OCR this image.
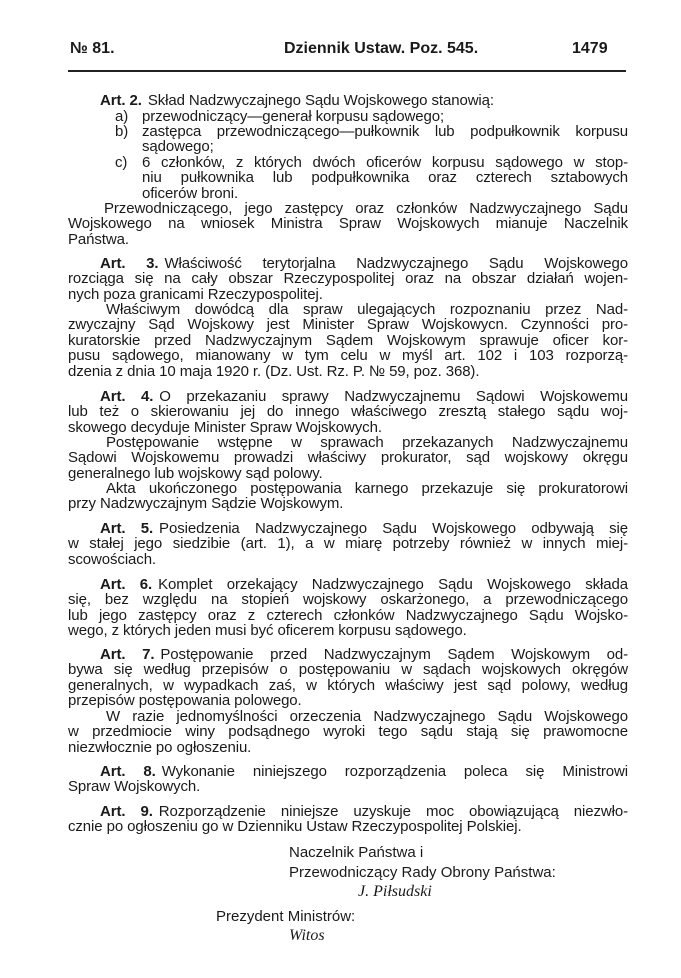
№ 81.	Dziennik Ustaw. Poz. 545.	1479
Art. 2. Skład Nadzwyczajnego Sądu Wojskowego stanowią:
a) przewodniczący—generał korpusu sądowego;
b) zastępca przewodniczącego—pułkownik lub podpułkownik korpusu
sądowego;
c) 6 członków, z których dwóch oficerów korpusu sądowego w stop-
niu pułkownika lub podpułkownika oraz czterech sztabowych
oficerów broni.
Przewodniczącego, jego zastępcy oraz członków Nadzwyczajnego Sądu
Wojskowego na wniosek Ministra Spraw Wojskowych mianuje Naczelnik
Państwa.
Art. 3. Właściwość terytorjalna Nadzwyczajnego Sądu Wojskowego
rozciąga się na cały obszar Rzeczypospolitej oraz na obszar działań wojen-
nych poza granicami Rzeczypospolitej.
Właściwym dowódcą dla spraw ulegających rozpoznaniu przez Nad-
zwyczajny Sąd Wojskowy jest Minister Spraw Wojskowycn. Czynności pro-
kuratorskie przed Nadzwyczajnym Sądem Wojskowym sprawuje oficer kor-
pusu sądowego, mianowany w tym celu w myśl art. 102 i 103 rozporzą-
dzenia z dnia 10 maja 1920 r. (Dz. Ust. Rz. P. № 59, poz. 368).
Art. 4. O przekazaniu sprawy Nadzwyczajnemu Sądowi Wojskowemu
lub też o skierowaniu jej do innego właściwego zresztą stałego sądu woj-
skowego decyduje Minister Spraw Wojskowych.
Postępowanie wstępne w sprawach przekazanych Nadzwyczajnemu
Sądowi Wojskowemu prowadzi właściwy prokurator, sąd wojskowy okręgu
generalnego lub wojskowy sąd polowy.
Akta ukończonego postępowania karnego przekazuje się prokuratorowi
przy Nadzwyczajnym Sądzie Wojskowym.
Art. 5. Posiedzenia Nadzwyczajnego Sądu Wojskowego odbywają się
w stałej jego siedzibie (art. 1), a w miarę potrzeby również w innych miej-
scowościach.
Art. 6. Komplet orzekający Nadzwyczajnego Sądu Wojskowego składa
się, bez względu na stopień wojskowy oskarżonego, a przewodniczącego
lub jego zastępcy oraz z czterech członków Nadzwyczajnego Sądu Wojsko-
wego, z których jeden musi być oficerem korpusu sądowego.
Art. 7. Postępowanie przed Nadzwyczajnym Sądem Wojskowym od-
bywa się według przepisów o postępowaniu w sądach wojskowych okręgów
generalnych, w wypadkach zaś, w których właściwy jest sąd polowy, według
przepisów postępowania polowego.
W razie jednomyślności orzeczenia Nadzwyczajnego Sądu Wojskowego
w przedmiocie winy podsądnego wyroki tego sądu stają się prawomocne
niezwłocznie po ogłoszeniu.
Art. 8. Wykonanie niniejszego rozporządzenia poleca się Ministrowi
Spraw Wojskowych.
Art. 9. Rozporządzenie niniejsze uzyskuje moc obowiązującą niezwło-
cznie po ogłoszeniu go w Dzienniku Ustaw Rzeczypospolitej Polskiej.
Naczelnik Państwa i
Przewodniczący Rady Obrony Państwa:
J. Piłsudski
Prezydent Ministrów:
Witos
